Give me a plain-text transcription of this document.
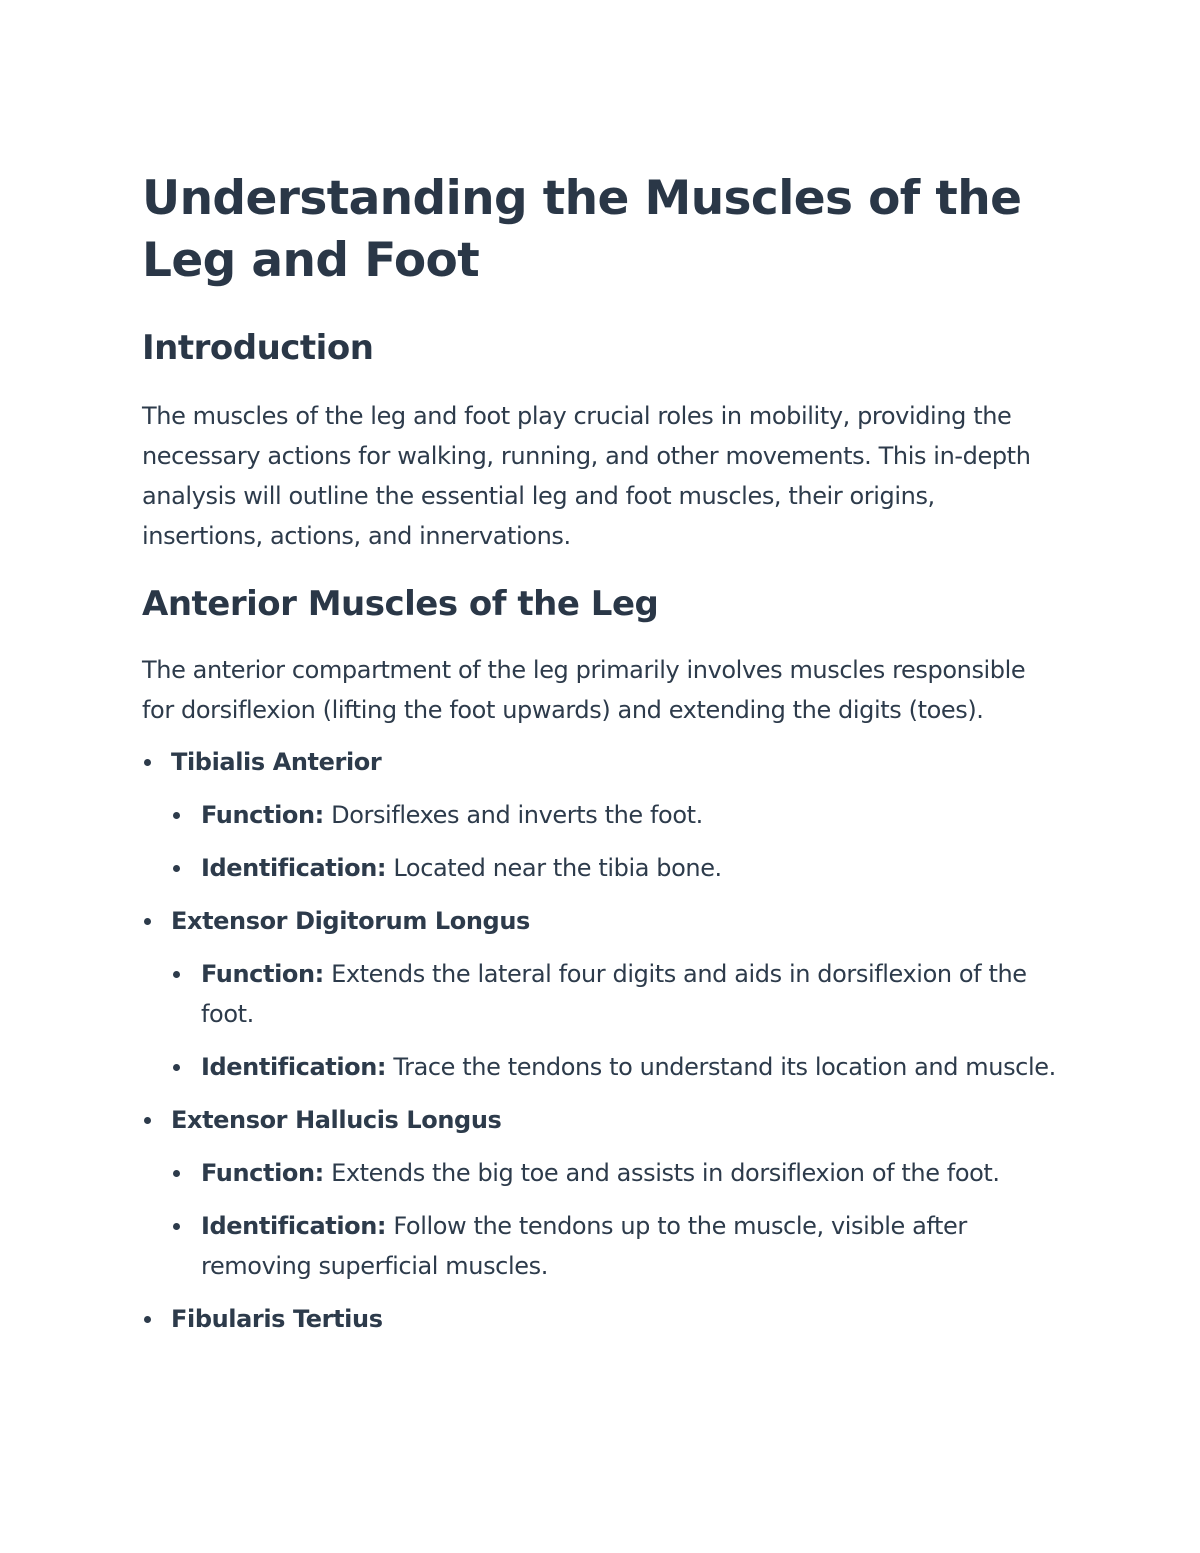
Understanding the Muscles of the Leg and Foot
Introduction

The muscles of the leg and foot play crucial roles in mobility, providing the necessary actions for walking, running, and other movements. This in-depth analysis will outline the essential leg and foot muscles, their origins, insertions, actions, and innervations.

Anterior Muscles of the Leg

The anterior compartment of the leg primarily involves muscles responsible for dorsiflexion (lifting the foot upwards) and extending the digits (toes).

Tibialis Anterior
Function: Dorsiflexes and inverts the foot.
Identification: Located near the tibia bone.
Extensor Digitorum Longus
Function: Extends the lateral four digits and aids in dorsiflexion of the foot.
Identification: Trace the tendons to understand its location and muscle.
Extensor Hallucis Longus
Function: Extends the big toe and assists in dorsiflexion of the foot.
Identification: Follow the tendons up to the muscle, visible after removing superficial muscles.
Fibularis Tertius
